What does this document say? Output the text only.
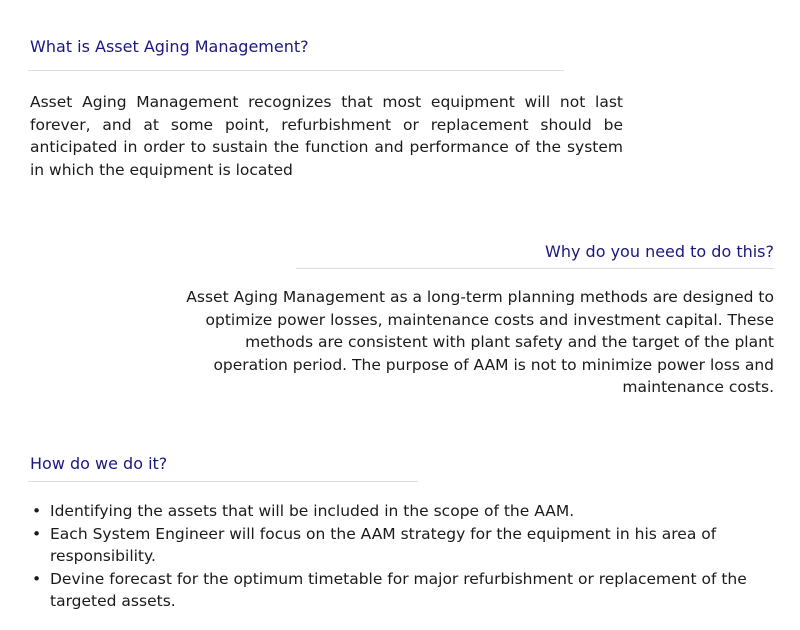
What is Asset Aging Management?

Asset Aging Management recognizes that most equipment will not last forever, and at some point, refurbishment or replacement should be anticipated in order to sustain the function and performance of the system in which the equipment is located

Why do you need to do this?

Asset Aging Management as a long-term planning methods are designed to optimize power losses, maintenance costs and investment capital. These methods are consistent with plant safety and the target of the plant operation period. The purpose of AAM is not to minimize power loss and maintenance costs.

How do we do it?
• Identifying the assets that will be included in the scope of the AAM.
• Each System Engineer will focus on the AAM strategy for the equipment in his area of responsibility.
• Devine forecast for the optimum timetable for major refurbishment or replacement of the targeted assets.
